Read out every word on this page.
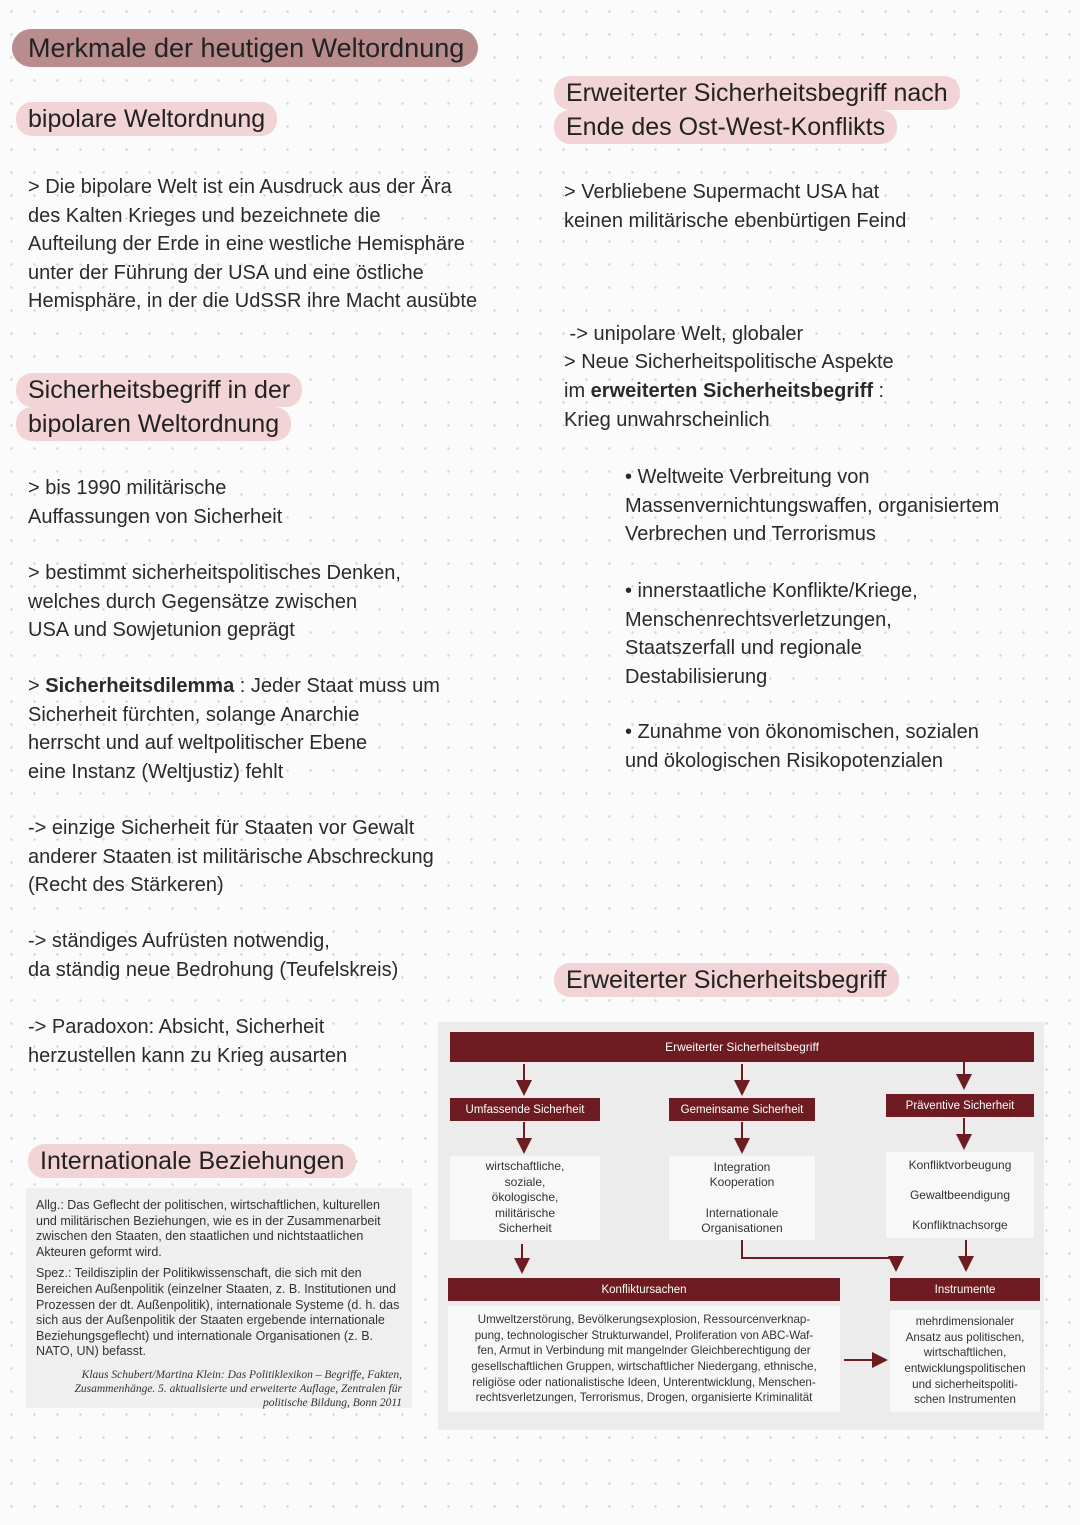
Merkmale der heutigen Weltordnung
bipolare Weltordnung
> Die bipolare Welt ist ein Ausdruck aus der Ära
des Kalten Krieges und bezeichnete die
Aufteilung der Erde in eine westliche Hemisphäre
unter der Führung der USA und eine östliche
Hemisphäre, in der die UdSSR ihre Macht ausübte
Sicherheitsbegriff in der
bipolaren Weltordnung
> bis 1990 militärische
Auffassungen von Sicherheit
> bestimmt sicherheitspolitisches Denken,
welches durch Gegensätze zwischen
USA und Sowjetunion geprägt
> Sicherheitsdilemma : Jeder Staat muss um
Sicherheit fürchten, solange Anarchie
herrscht und auf weltpolitischer Ebene
eine Instanz (Weltjustiz) fehlt
-> einzige Sicherheit für Staaten vor Gewalt
anderer Staaten ist militärische Abschreckung
(Recht des Stärkeren)
-> ständiges Aufrüsten notwendig,
da ständig neue Bedrohung (Teufelskreis)
-> Paradoxon: Absicht, Sicherheit
herzustellen kann zu Krieg ausarten
Internationale Beziehungen

Allg.: Das Geflecht der politischen, wirtschaftlichen, kulturellen und militärischen Beziehungen, wie es in der Zusammenarbeit zwischen den Staaten, den staatlichen und nichtstaatlichen Akteuren geformt wird.

Spez.: Teildisziplin der Politikwissenschaft, die sich mit den Bereichen Außenpolitik (einzelner Staaten, z. B. Institutionen und Prozessen der dt. Außenpolitik), internationale Systeme (d. h. das sich aus der Außenpolitik der Staaten ergebende internationale Beziehungsgeflecht) und internationale Organisationen (z. B. NATO, UN) befasst.

Klaus Schubert/Martina Klein: Das Politiklexikon – Begriffe, Fakten, Zusammenhänge. 5. aktualisierte und erweiterte Auflage, Zentralen für politische Bildung, Bonn 2011
Erweiterter Sicherheitsbegriff nach
Ende des Ost-West-Konflikts
> Verbliebene Supermacht USA hat
keinen militärische ebenbürtigen Feind

-> unipolare Welt, globaler

Krieg unwahrscheinlich

> Neue Sicherheitspolitische Aspekte
im erweiterten Sicherheitsbegriff :
• Weltweite Verbreitung von
Massenvernichtungswaffen, organisiertem
Verbrechen und Terrorismus
• innerstaatliche Konflikte/Kriege,
Menschenrechtsverletzungen,
Staatszerfall und regionale
Destabilisierung
• Zunahme von ökonomischen, sozialen
und ökologischen Risikopotenzialen
Erweiterter Sicherheitsbegriff
Erweiterter Sicherheitsbegriff
Umfassende Sicherheit	Gemeinsame Sicherheit	Präventive Sicherheit
wirtschaftliche,
soziale,
ökologische,
militärische
Sicherheit
Integration
Kooperation
Internationale
Organisationen
Konfliktvorbeugung
Gewaltbeendigung
Konfliktnachsorge
Konfliktursachen
Umweltzerstörung, Bevölkerungsexplosion, Ressourcenverknap-
pung, technologischer Strukturwandel, Proliferation von ABC-Waf-
fen, Armut in Verbindung mit mangelnder Gleichberechtigung der
gesellschaftlichen Gruppen, wirtschaftlicher Niedergang, ethnische,
religiöse oder nationalistische Ideen, Unterentwicklung, Menschen-
rechtsverletzungen, Terrorismus, Drogen, organisierte Kriminalität
Instrumente
mehrdimensionaler
Ansatz aus politischen,
wirtschaftlichen,
entwicklungspolitischen
und sicherheitspoliti-
schen Instrumenten
